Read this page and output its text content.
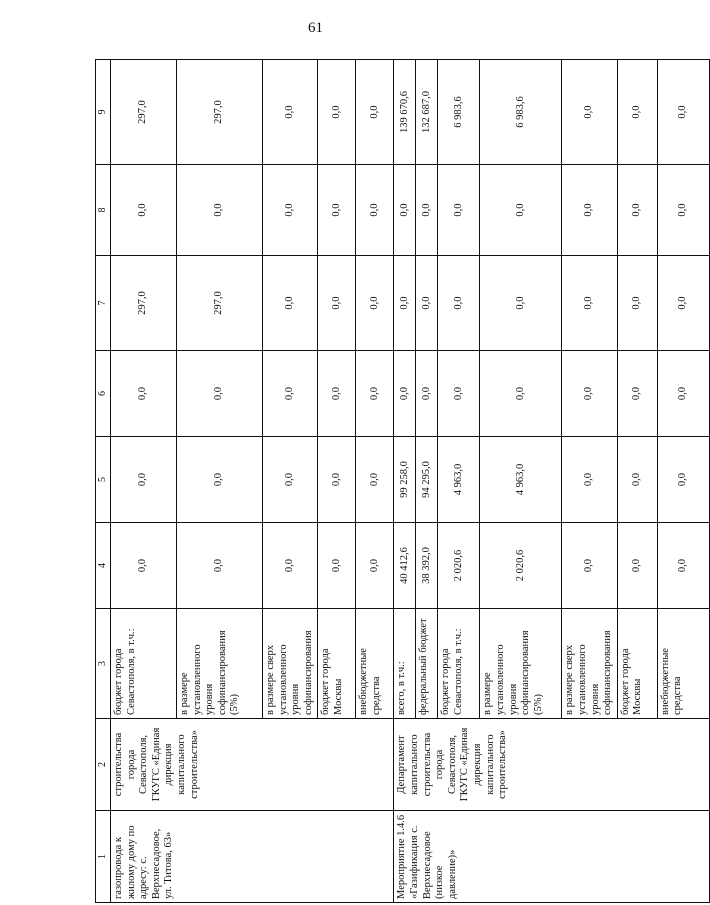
61
1	2	3	4	5	6	7	8	9
газопровода к жилому дому по адресу: с. Верхнесадовое, ул. Титова, 63»	строительства города Севастополя, ГКУГС «Единая дирекция капитального строительства»	бюджет города Севастополя, в т.ч.:	0,0	0,0	0,0	297,0	0,0	297,0
		в размере установленного уровня софинансирования (5%)	0,0	0,0	0,0	297,0	0,0	297,0
		в размере сверх установленного уровня софинансирования	0,0	0,0	0,0	0,0	0,0	0,0
		бюджет города Москвы	0,0	0,0	0,0	0,0	0,0	0,0
		внебюджетные средства	0,0	0,0	0,0	0,0	0,0	0,0
Мероприятие 1.4.6 «Газификация с. Верхнесадовое (низкое давление)»	Департамент капитального строительства города Севастополя, ГКУГС «Единая дирекция капитального строительства»	всего, в т.ч.:	40 412,6	99 258,0	0,0	0,0	0,0	139 670,6
		федеральный бюджет	38 392,0	94 295,0	0,0	0,0	0,0	132 687,0
		бюджет города Севастополя, в т.ч.:	2 020,6	4 963,0	0,0	0,0	0,0	6 983,6
		в размере установленного уровня софинансирования (5%)	2 020,6	4 963,0	0,0	0,0	0,0	6 983,6
		в размере сверх установленного уровня софинансирования	0,0	0,0	0,0	0,0	0,0	0,0
		бюджет города Москвы	0,0	0,0	0,0	0,0	0,0	0,0
		внебюджетные средства	0,0	0,0	0,0	0,0	0,0	0,0
